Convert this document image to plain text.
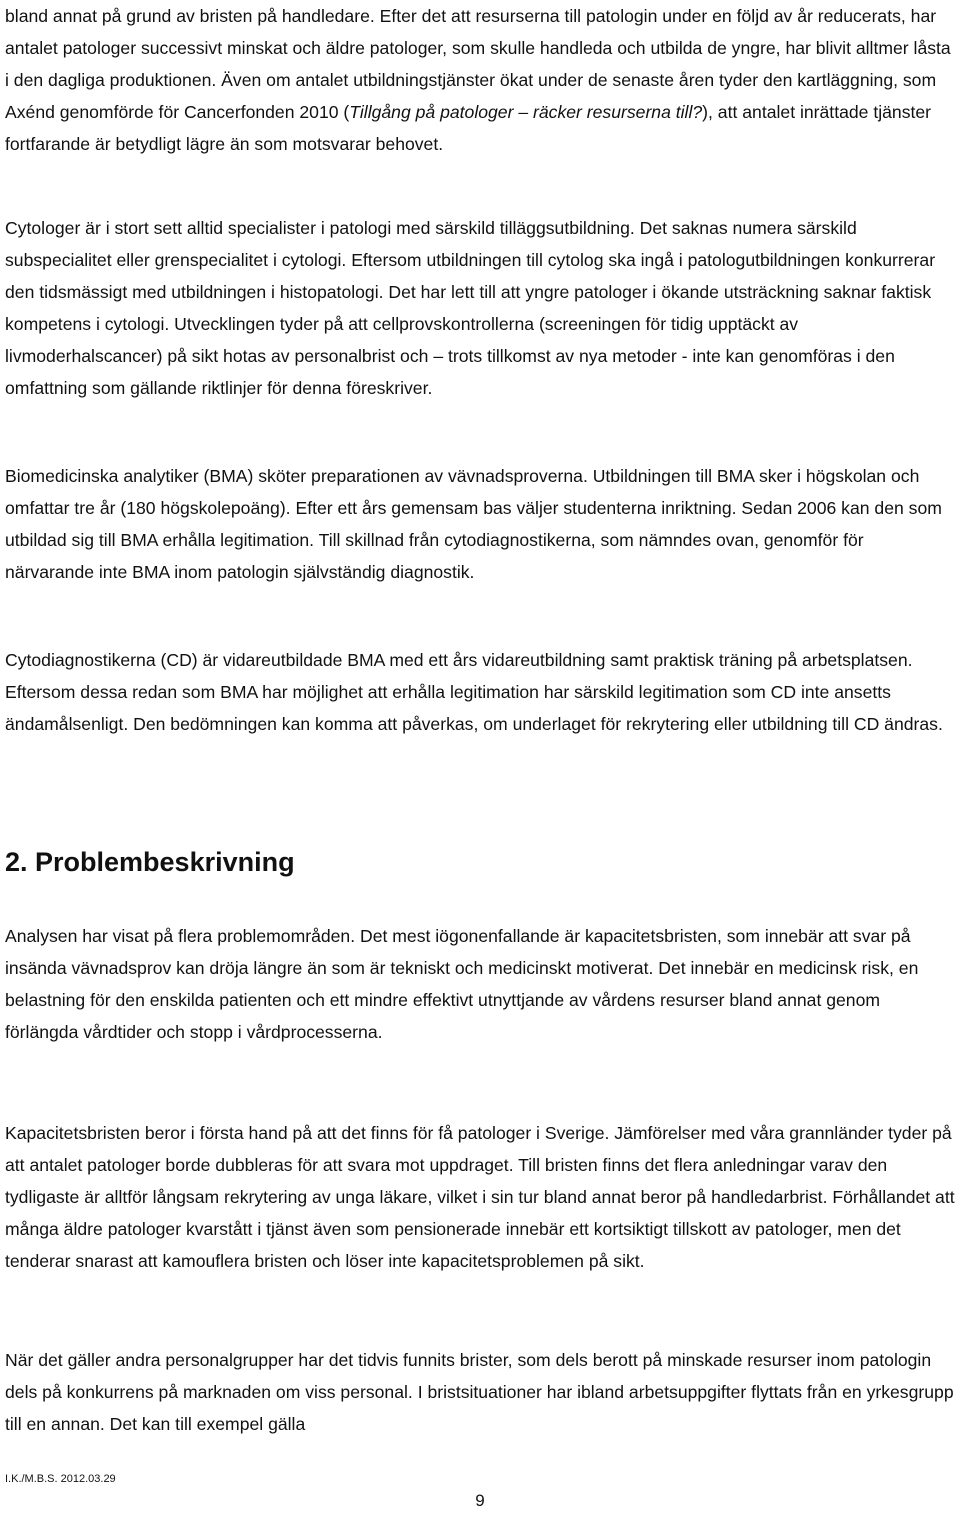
bland annat på grund av bristen på handledare. Efter det att resurserna till patologin under en följd av år reducerats, har antalet patologer successivt minskat och äldre patologer, som skulle handleda och utbilda de yngre, har blivit alltmer låsta i den dagliga produktionen. Även om antalet utbildningstjänster ökat under de senaste åren tyder den kartläggning, som Axénd genomförde för Cancerfonden 2010 (Tillgång på patologer – räcker resurserna till?), att antalet inrättade tjänster fortfarande är betydligt lägre än som motsvarar behovet.

Cytologer är i stort sett alltid specialister i patologi med särskild tilläggsutbildning. Det saknas numera särskild subspecialitet eller grenspecialitet i cytologi. Eftersom utbildningen till cytolog ska ingå i patologutbildningen konkurrerar den tidsmässigt med utbildningen i histopatologi. Det har lett till att yngre patologer i ökande utsträckning saknar faktisk kompetens i cytologi. Utvecklingen tyder på att cellprovskontrollerna (screeningen för tidig upptäckt av livmoderhalscancer) på sikt hotas av personalbrist och – trots tillkomst av nya metoder - inte kan genomföras i den omfattning som gällande riktlinjer för denna föreskriver.

Biomedicinska analytiker (BMA) sköter preparationen av vävnadsproverna. Utbildningen till BMA sker i högskolan och omfattar tre år (180 högskolepoäng). Efter ett års gemensam bas väljer studenterna inriktning. Sedan 2006 kan den som utbildad sig till BMA erhålla legitimation. Till skillnad från cytodiagnostikerna, som nämndes ovan, genomför för närvarande inte BMA inom patologin självständig diagnostik.

Cytodiagnostikerna (CD) är vidareutbildade BMA med ett års vidareutbildning samt praktisk träning på arbetsplatsen. Eftersom dessa redan som BMA har möjlighet att erhålla legitimation har särskild legitimation som CD inte ansetts ändamålsenligt. Den bedömningen kan komma att påverkas, om underlaget för rekrytering eller utbildning till CD ändras.

2. Problembeskrivning

Analysen har visat på flera problemområden. Det mest iögonenfallande är kapacitetsbristen, som innebär att svar på insända vävnadsprov kan dröja längre än som är tekniskt och medicinskt motiverat. Det innebär en medicinsk risk, en belastning för den enskilda patienten och ett mindre effektivt utnyttjande av vårdens resurser bland annat genom förlängda vårdtider och stopp i vårdprocesserna.

Kapacitetsbristen beror i första hand på att det finns för få patologer i Sverige. Jämförelser med våra grannländer tyder på att antalet patologer borde dubbleras för att svara mot uppdraget. Till bristen finns det flera anledningar varav den tydligaste är alltför långsam rekrytering av unga läkare, vilket i sin tur bland annat beror på handledarbrist. Förhållandet att många äldre patologer kvarstått i tjänst även som pensionerade innebär ett kortsiktigt tillskott av patologer, men det tenderar snarast att kamouflera bristen och löser inte kapacitetsproblemen på sikt.

När det gäller andra personalgrupper har det tidvis funnits brister, som dels berott på minskade resurser inom patologin dels på konkurrens på marknaden om viss personal. I bristsituationer har ibland arbetsuppgifter flyttats från en yrkesgrupp till en annan. Det kan till exempel gälla

I.K./M.B.S. 2012.03.29

9
